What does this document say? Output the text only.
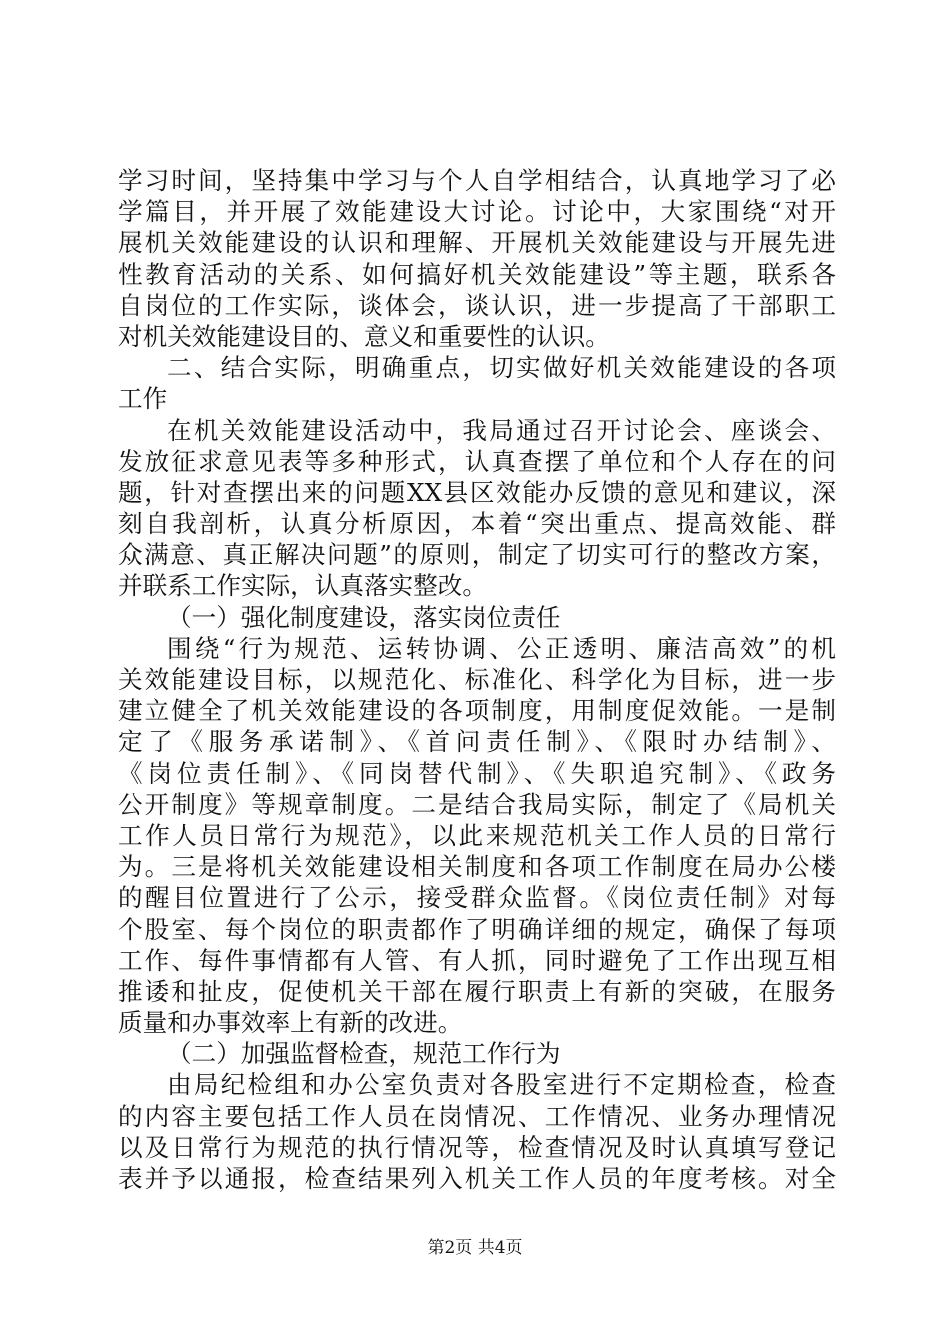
学习时间，坚持集中学习与个人自学相结合，认真地学习了必
学篇目，并开展了效能建设大讨论。讨论中，大家围绕“对开
展机关效能建设的认识和理解、开展机关效能建设与开展先进
性教育活动的关系、如何搞好机关效能建设”等主题，联系各
自岗位的工作实际，谈体会，谈认识，进一步提高了干部职工
对机关效能建设目的、意义和重要性的认识。
二、结合实际，明确重点，切实做好机关效能建设的各项
工作
在机关效能建设活动中，我局通过召开讨论会、座谈会、
发放征求意见表等多种形式，认真查摆了单位和个人存在的问
题，针对查摆出来的问题XX县区效能办反馈的意见和建议，深
刻自我剖析，认真分析原因，本着“突出重点、提高效能、群
众满意、真正解决问题”的原则，制定了切实可行的整改方案，
并联系工作实际，认真落实整改。
（一）强化制度建设，落实岗位责任
围绕“行为规范、运转协调、公正透明、廉洁高效”的机
关效能建设目标，以规范化、标准化、科学化为目标，进一步
建立健全了机关效能建设的各项制度，用制度促效能。一是制
定了《服务承诺制》、《首问责任制》、《限时办结制》、
《岗位责任制》、《同岗替代制》、《失职追究制》、《政务
公开制度》等规章制度。二是结合我局实际，制定了《局机关
工作人员日常行为规范》，以此来规范机关工作人员的日常行
为。三是将机关效能建设相关制度和各项工作制度在局办公楼
的醒目位置进行了公示，接受群众监督。《岗位责任制》对每
个股室、每个岗位的职责都作了明确详细的规定，确保了每项
工作、每件事情都有人管、有人抓，同时避免了工作出现互相
推诿和扯皮，促使机关干部在履行职责上有新的突破，在服务
质量和办事效率上有新的改进。
（二）加强监督检查，规范工作行为
由局纪检组和办公室负责对各股室进行不定期检查，检查
的内容主要包括工作人员在岗情况、工作情况、业务办理情况
以及日常行为规范的执行情况等，检查情况及时认真填写登记
表并予以通报，检查结果列入机关工作人员的年度考核。对全
第2页 共4页
